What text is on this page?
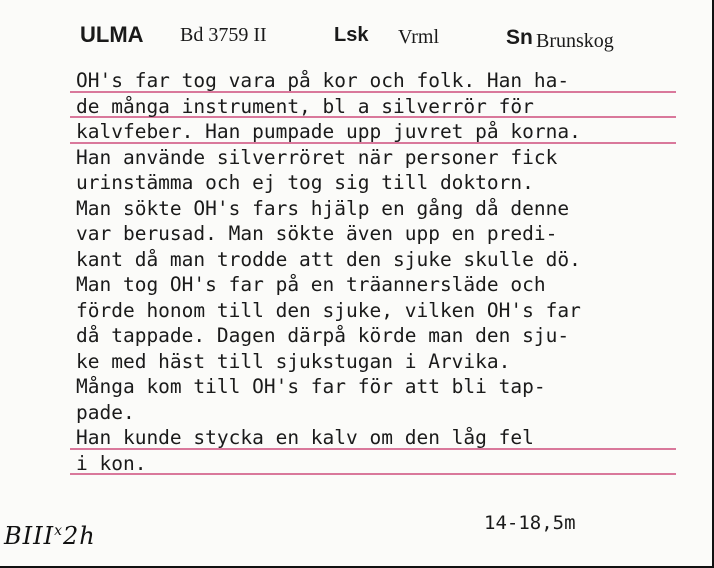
ULMA Bd 3759 II	Lsk Vrml	Sn Brunskog
OH's far tog vara på kor och folk. Han ha-
de många instrument, bl a silverrör för
kalvfeber. Han pumpade upp juvret på korna.
Han använde silverröret när personer fick
urinstämma och ej tog sig till doktorn.
Man sökte OH's fars hjälp en gång då denne
var berusad. Man sökte även upp en predi-
kant då man trodde att den sjuke skulle dö.
Man tog OH's far på en träannersläde och
förde honom till den sjuke, vilken OH's far
då tappade. Dagen därpå körde man den sju-
ke med häst till sjukstugan i Arvika.
Många kom till OH's far för att bli tap-
pade.
Han kunde stycka en kalv om den låg fel
i kon.
14-18,5m
BIII$^x$2h
